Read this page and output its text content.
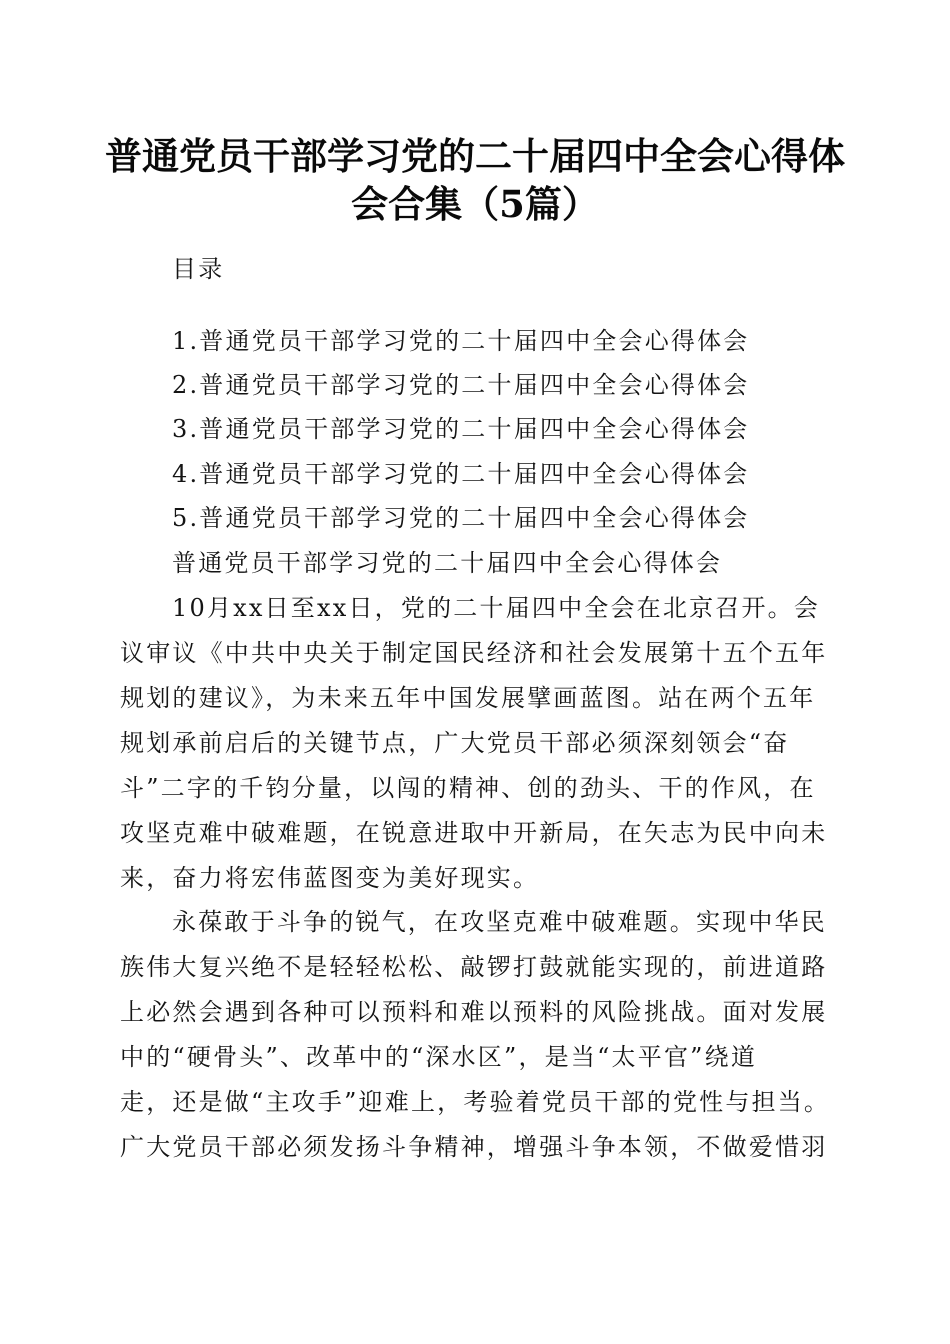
普通党员干部学习党的二十届四中全会心得体
会合集（5篇）
目录
1.普通党员干部学习党的二十届四中全会心得体会
2.普通党员干部学习党的二十届四中全会心得体会
3.普通党员干部学习党的二十届四中全会心得体会
4.普通党员干部学习党的二十届四中全会心得体会
5.普通党员干部学习党的二十届四中全会心得体会
普通党员干部学习党的二十届四中全会心得体会
10月xx日至xx日，党的二十届四中全会在北京召开。会
议审议《中共中央关于制定国民经济和社会发展第十五个五年
规划的建议》，为未来五年中国发展擘画蓝图。站在两个五年
规划承前启后的关键节点，广大党员干部必须深刻领会“奋
斗”二字的千钧分量，以闯的精神、创的劲头、干的作风，在
攻坚克难中破难题，在锐意进取中开新局，在矢志为民中向未
来，奋力将宏伟蓝图变为美好现实。
永葆敢于斗争的锐气，在攻坚克难中破难题。实现中华民
族伟大复兴绝不是轻轻松松、敲锣打鼓就能实现的，前进道路
上必然会遇到各种可以预料和难以预料的风险挑战。面对发展
中的“硬骨头”、改革中的“深水区”，是当“太平官”绕道
走，还是做“主攻手”迎难上，考验着党员干部的党性与担当。
广大党员干部必须发扬斗争精神，增强斗争本领，不做爱惜羽
